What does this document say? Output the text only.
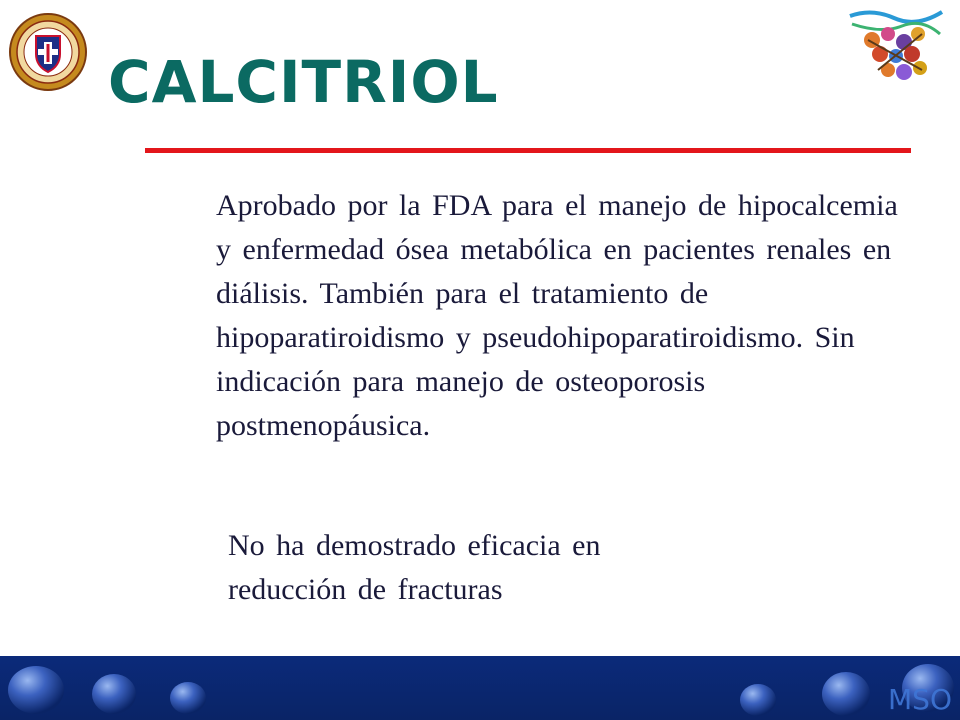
CALCITRIOL

Aprobado por la FDA para el manejo de hipocalcemia y enfermedad ósea metabólica en pacientes renales en diálisis. También para el tratamiento de hipoparatiroidismo y pseudohipoparatiroidismo. Sin indicación para manejo de osteoporosis postmenopáusica.

No ha demostrado eficacia en reducción de fracturas

MSO
